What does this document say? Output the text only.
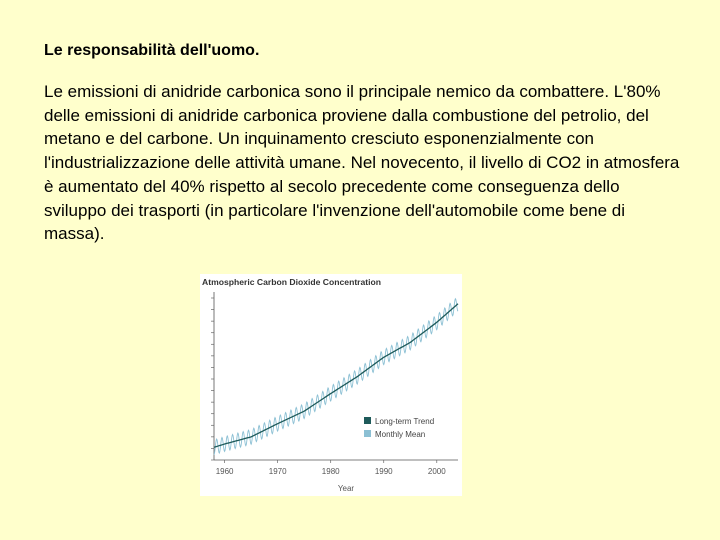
Le responsabilità dell'uomo.
Le emissioni di anidride carbonica sono il principale nemico da combattere. L'80% delle emissioni di anidride carbonica proviene dalla combustione del petrolio, del metano e del carbone. Un inquinamento cresciuto esponenzialmente con l'industrializzazione delle attività umane. Nel novecento, il livello di CO2 in atmosfera è aumentato del 40% rispetto al secolo precedente come conseguenza dello sviluppo dei trasporti (in particolare l'invenzione dell'automobile come bene di massa).
Atmospheric Carbon Dioxide Concentration
1960	1970	1980	1990	2000
Year
Long-term Trend
Monthly Mean
